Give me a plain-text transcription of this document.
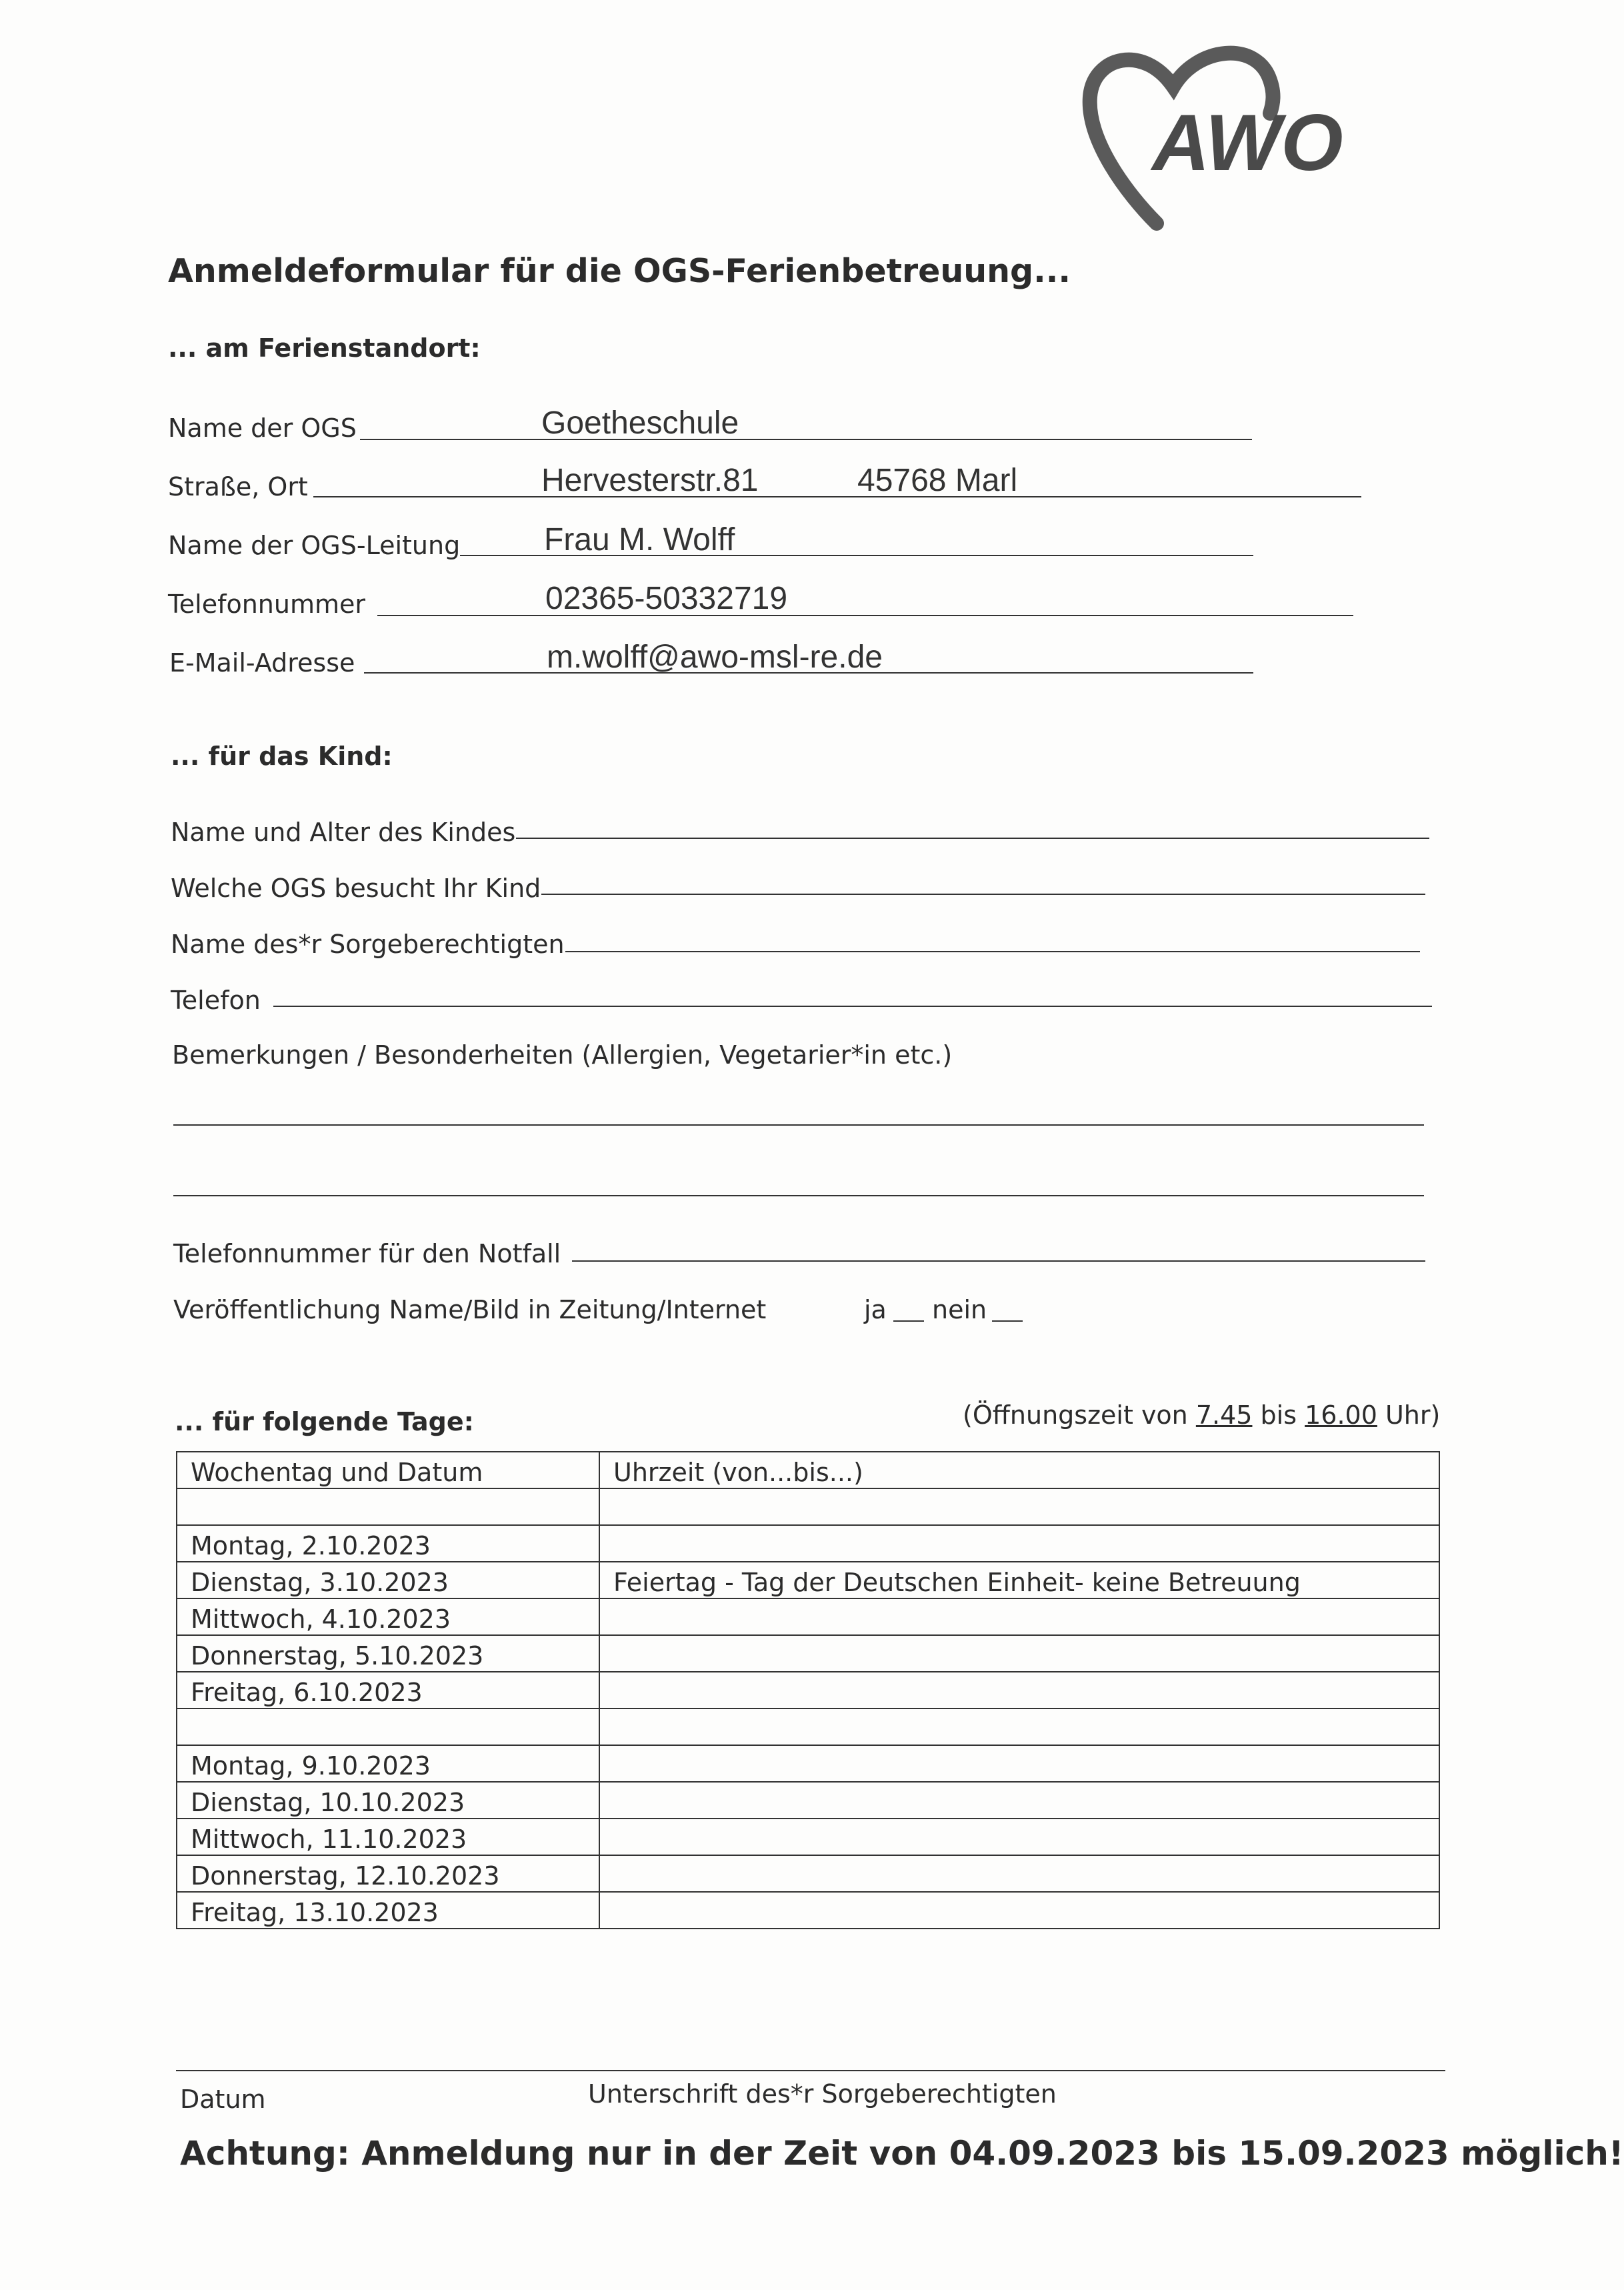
AWO
Anmeldeformular für die OGS-Ferienbetreuung...
... am Ferienstandort:
Name der OGS	Goetheschule
Straße, Ort	Hervesterstr.81	45768 Marl
Name der OGS-Leitung	Frau M. Wolff
Telefonnummer	02365-50332719
E-Mail-Adresse	m.wolff@awo-msl-re.de
... für das Kind:
Name und Alter des Kindes
Welche OGS besucht Ihr Kind
Name des*r Sorgeberechtigten
Telefon
Bemerkungen / Besonderheiten (Allergien, Vegetarier*in etc.)
Telefonnummer für den Notfall
Veröffentlichung Name/Bild in Zeitung/Internet	ja nein
... für folgende Tage:	(Öffnungszeit von 7.45 bis 16.00 Uhr)
Wochentag und Datum	Uhrzeit (von...bis...)

Montag, 2.10.2023	
Dienstag, 3.10.2023	Feiertag - Tag der Deutschen Einheit- keine Betreuung
Mittwoch, 4.10.2023	
Donnerstag, 5.10.2023	
Freitag, 6.10.2023	

Montag, 9.10.2023	
Dienstag, 10.10.2023	
Mittwoch, 11.10.2023	
Donnerstag, 12.10.2023	
Freitag, 13.10.2023	
Datum	Unterschrift des*r Sorgeberechtigten
Achtung: Anmeldung nur in der Zeit von 04.09.2023 bis 15.09.2023 möglich!
